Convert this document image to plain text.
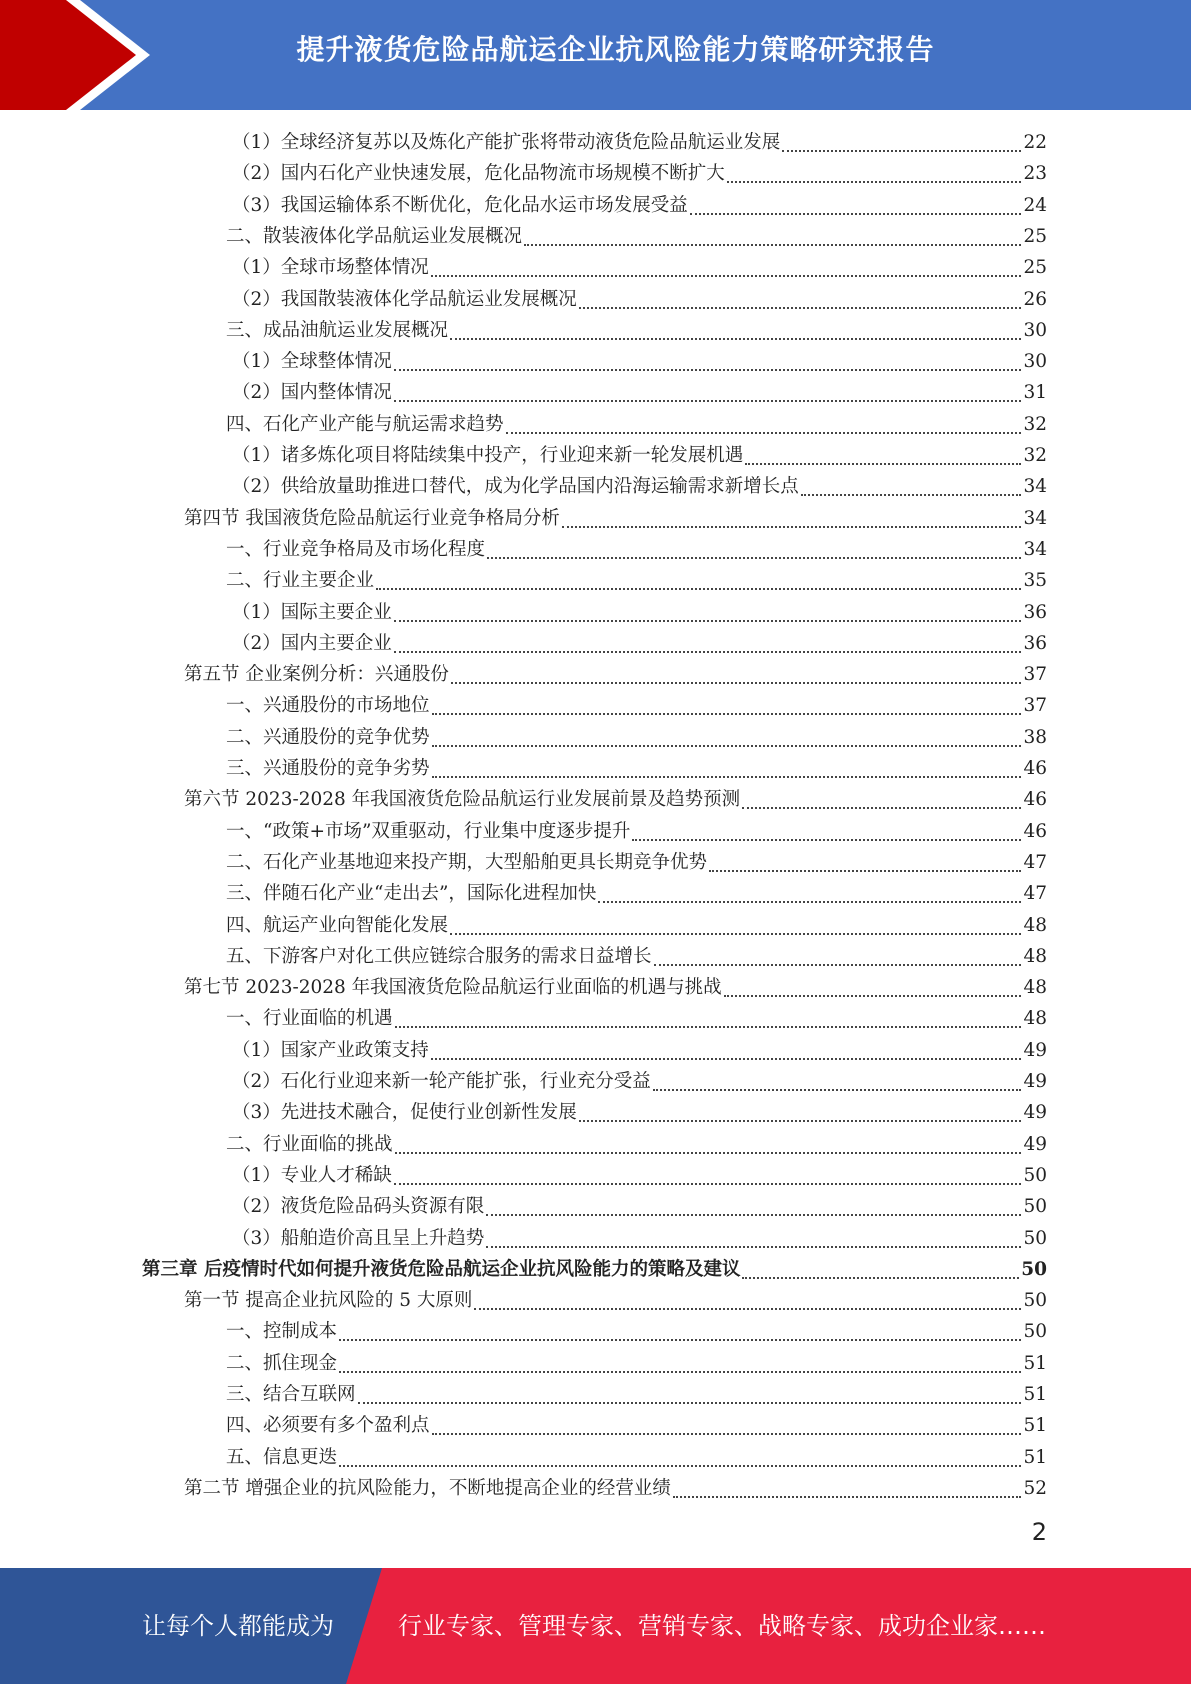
提升液货危险品航运企业抗风险能力策略研究报告
（1）全球经济复苏以及炼化产能扩张将带动液货危险品航运业发展	22
（2）国内石化产业快速发展，危化品物流市场规模不断扩大	23
（3）我国运输体系不断优化，危化品水运市场发展受益	24
二、散装液体化学品航运业发展概况	25
（1）全球市场整体情况	25
（2）我国散装液体化学品航运业发展概况	26
三、成品油航运业发展概况	30
（1）全球整体情况	30
（2）国内整体情况	31
四、石化产业产能与航运需求趋势	32
（1）诸多炼化项目将陆续集中投产，行业迎来新一轮发展机遇	32
（2）供给放量助推进口替代，成为化学品国内沿海运输需求新增长点	34
第四节 我国液货危险品航运行业竞争格局分析	34
一、行业竞争格局及市场化程度	34
二、行业主要企业	35
（1）国际主要企业	36
（2）国内主要企业	36
第五节 企业案例分析：兴通股份	37
一、兴通股份的市场地位	37
二、兴通股份的竞争优势	38
三、兴通股份的竞争劣势	46
第六节 2023-2028 年我国液货危险品航运行业发展前景及趋势预测	46
一、“政策+市场”双重驱动，行业集中度逐步提升	46
二、石化产业基地迎来投产期，大型船舶更具长期竞争优势	47
三、伴随石化产业“走出去”，国际化进程加快	47
四、航运产业向智能化发展	48
五、下游客户对化工供应链综合服务的需求日益增长	48
第七节 2023-2028 年我国液货危险品航运行业面临的机遇与挑战	48
一、行业面临的机遇	48
（1）国家产业政策支持	49
（2）石化行业迎来新一轮产能扩张，行业充分受益	49
（3）先进技术融合，促使行业创新性发展	49
二、行业面临的挑战	49
（1）专业人才稀缺	50
（2）液货危险品码头资源有限	50
（3）船舶造价高且呈上升趋势	50
第三章 后疫情时代如何提升液货危险品航运企业抗风险能力的策略及建议	50
第一节 提高企业抗风险的 5 大原则	50
一、控制成本	50
二、抓住现金	51
三、结合互联网	51
四、必须要有多个盈利点	51
五、信息更迭	51
第二节 增强企业的抗风险能力，不断地提高企业的经营业绩	52
2
让每个人都能成为	行业专家、管理专家、营销专家、战略专家、成功企业家……
